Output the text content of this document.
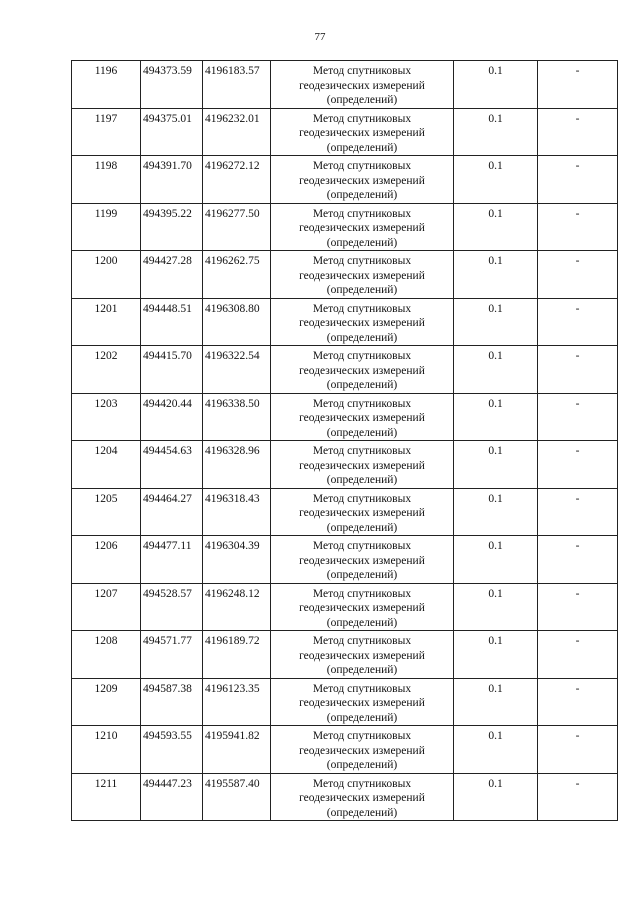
77
1196	494373.59	4196183.57	Метод спутниковых
геодезических измерений
(определений)	0.1	-
1197	494375.01	4196232.01	Метод спутниковых
геодезических измерений
(определений)	0.1	-
1198	494391.70	4196272.12	Метод спутниковых
геодезических измерений
(определений)	0.1	-
1199	494395.22	4196277.50	Метод спутниковых
геодезических измерений
(определений)	0.1	-
1200	494427.28	4196262.75	Метод спутниковых
геодезических измерений
(определений)	0.1	-
1201	494448.51	4196308.80	Метод спутниковых
геодезических измерений
(определений)	0.1	-
1202	494415.70	4196322.54	Метод спутниковых
геодезических измерений
(определений)	0.1	-
1203	494420.44	4196338.50	Метод спутниковых
геодезических измерений
(определений)	0.1	-
1204	494454.63	4196328.96	Метод спутниковых
геодезических измерений
(определений)	0.1	-
1205	494464.27	4196318.43	Метод спутниковых
геодезических измерений
(определений)	0.1	-
1206	494477.11	4196304.39	Метод спутниковых
геодезических измерений
(определений)	0.1	-
1207	494528.57	4196248.12	Метод спутниковых
геодезических измерений
(определений)	0.1	-
1208	494571.77	4196189.72	Метод спутниковых
геодезических измерений
(определений)	0.1	-
1209	494587.38	4196123.35	Метод спутниковых
геодезических измерений
(определений)	0.1	-
1210	494593.55	4195941.82	Метод спутниковых
геодезических измерений
(определений)	0.1	-
1211	494447.23	4195587.40	Метод спутниковых
геодезических измерений
(определений)	0.1	-
